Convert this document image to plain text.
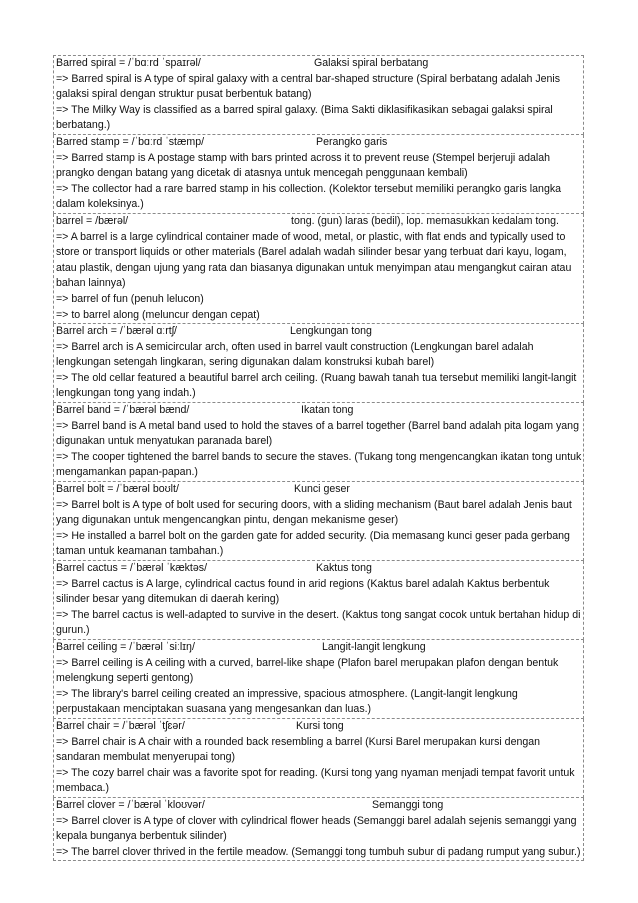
Barred spiral = /ˈbɑːrd ˈspaɪrəl/	Galaksi spiral berbatang
=> Barred spiral is A type of spiral galaxy with a central bar-shaped structure (Spiral berbatang adalah Jenis galaksi spiral dengan struktur pusat berbentuk batang)
=> The Milky Way is classified as a barred spiral galaxy. (Bima Sakti diklasifikasikan sebagai galaksi spiral berbatang.)
Barred stamp = /ˈbɑːrd ˈstæmp/	Perangko garis
=> Barred stamp is A postage stamp with bars printed across it to prevent reuse (Stempel berjeruji adalah prangko dengan batang yang dicetak di atasnya untuk mencegah penggunaan kembali)
=> The collector had a rare barred stamp in his collection. (Kolektor tersebut memiliki perangko garis langka dalam koleksinya.)
barrel = /bærəl/	tong. (gun) laras (bedil), lop. memasukkan kedalam tong.
=> A barrel is a large cylindrical container made of wood, metal, or plastic, with flat ends and typically used to store or transport liquids or other materials (Barel adalah wadah silinder besar yang terbuat dari kayu, logam, atau plastik, dengan ujung yang rata dan biasanya digunakan untuk menyimpan atau mengangkut cairan atau bahan lainnya)
=> barrel of fun (penuh lelucon)
=> to barrel along (meluncur dengan cepat)
Barrel arch = /ˈbærəl ɑːrtʃ/	Lengkungan tong
=> Barrel arch is A semicircular arch, often used in barrel vault construction (Lengkungan barel adalah lengkungan setengah lingkaran, sering digunakan dalam konstruksi kubah barel)
=> The old cellar featured a beautiful barrel arch ceiling. (Ruang bawah tanah tua tersebut memiliki langit-langit lengkungan tong yang indah.)
Barrel band = /ˈbærəl bænd/	Ikatan tong
=> Barrel band is A metal band used to hold the staves of a barrel together (Barrel band adalah pita logam yang digunakan untuk menyatukan paranada barel)
=> The cooper tightened the barrel bands to secure the staves. (Tukang tong mengencangkan ikatan tong untuk mengamankan papan-papan.)
Barrel bolt = /ˈbærəl boʊlt/	Kunci geser
=> Barrel bolt is A type of bolt used for securing doors, with a sliding mechanism (Baut barel adalah Jenis baut yang digunakan untuk mengencangkan pintu, dengan mekanisme geser)
=> He installed a barrel bolt on the garden gate for added security. (Dia memasang kunci geser pada gerbang taman untuk keamanan tambahan.)
Barrel cactus = /ˈbærəl ˈkæktəs/	Kaktus tong
=> Barrel cactus is A large, cylindrical cactus found in arid regions (Kaktus barel adalah Kaktus berbentuk silinder besar yang ditemukan di daerah kering)
=> The barrel cactus is well-adapted to survive in the desert. (Kaktus tong sangat cocok untuk bertahan hidup di gurun.)
Barrel ceiling = /ˈbærəl ˈsiːlɪŋ/	Langit-langit lengkung
=> Barrel ceiling is A ceiling with a curved, barrel-like shape (Plafon barel merupakan plafon dengan bentuk melengkung seperti gentong)
=> The library's barrel ceiling created an impressive, spacious atmosphere. (Langit-langit lengkung perpustakaan menciptakan suasana yang mengesankan dan luas.)
Barrel chair = /ˈbærəl ˈtʃɛər/	Kursi tong
=> Barrel chair is A chair with a rounded back resembling a barrel (Kursi Barel merupakan kursi dengan sandaran membulat menyerupai tong)
=> The cozy barrel chair was a favorite spot for reading. (Kursi tong yang nyaman menjadi tempat favorit untuk membaca.)
Barrel clover = /ˈbærəl ˈkloʊvər/	Semanggi tong
=> Barrel clover is A type of clover with cylindrical flower heads (Semanggi barel adalah sejenis semanggi yang kepala bunganya berbentuk silinder)
=> The barrel clover thrived in the fertile meadow. (Semanggi tong tumbuh subur di padang rumput yang subur.)
